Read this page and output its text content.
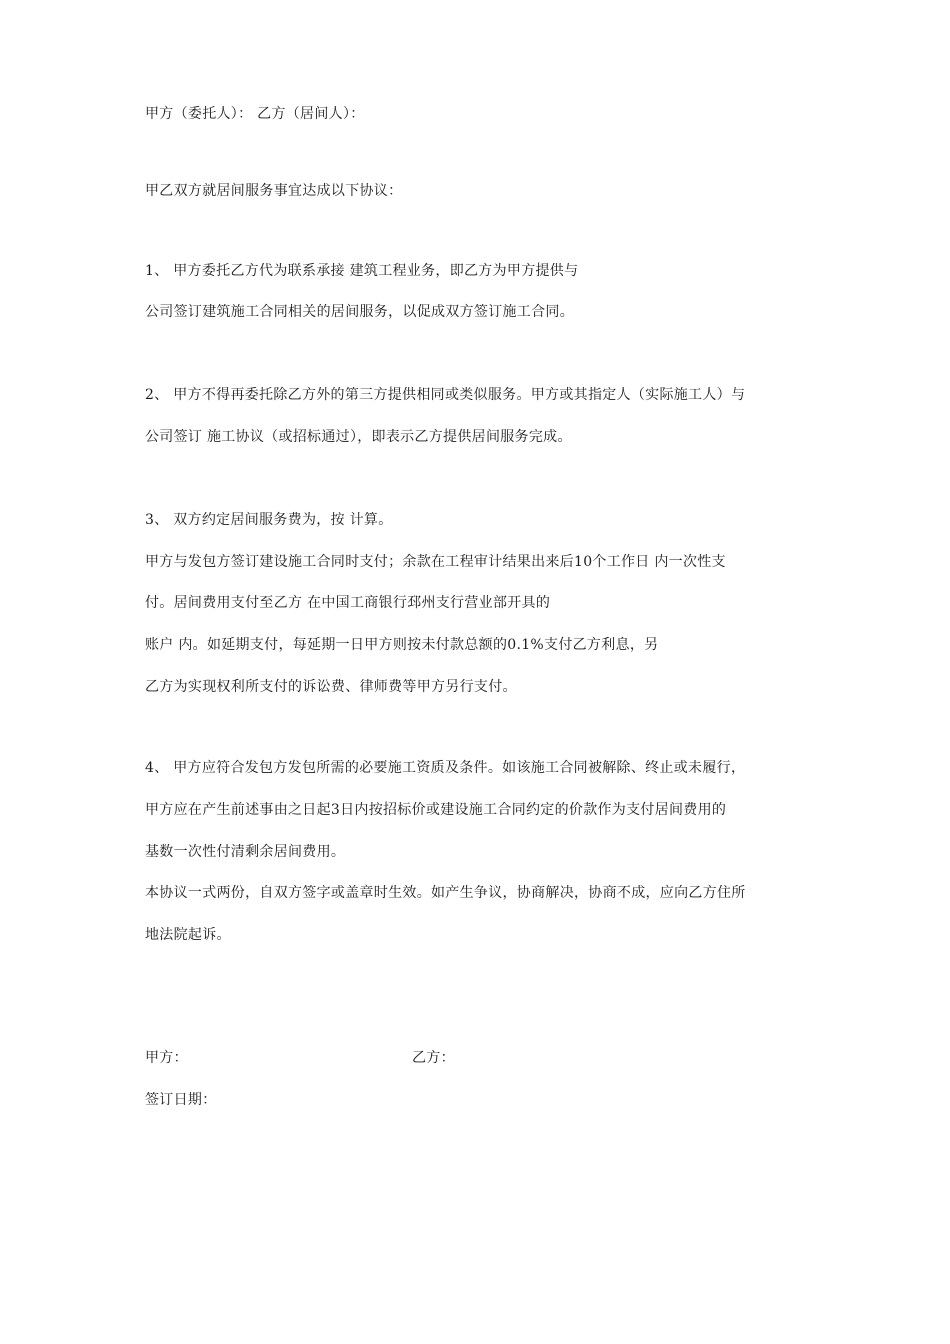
甲方（委托人）： 乙方（居间人）：
甲乙双方就居间服务事宜达成以下协议：
1、 甲方委托乙方代为联系承接 建筑工程业务，即乙方为甲方提供与
公司签订建筑施工合同相关的居间服务，以促成双方签订施工合同。
2、 甲方不得再委托除乙方外的第三方提供相同或类似服务。甲方或其指定人（实际施工人）与
公司签订 施工协议（或招标通过），即表示乙方提供居间服务完成。
3、 双方约定居间服务费为，按 计算。
甲方与发包方签订建设施工合同时支付；余款在工程审计结果出来后10个工作日 内一次性支
付。居间费用支付至乙方 在中国工商银行邳州支行营业部开具的
账户 内。如延期支付，每延期一日甲方则按未付款总额的0.1%支付乙方利息，另
乙方为实现权利所支付的诉讼费、律师费等甲方另行支付。
4、 甲方应符合发包方发包所需的必要施工资质及条件。如该施工合同被解除、终止或未履行，
甲方应在产生前述事由之日起3日内按招标价或建设施工合同约定的价款作为支付居间费用的
基数一次性付清剩余居间费用。
本协议一式两份，自双方签字或盖章时生效。如产生争议，协商解决，协商不成，应向乙方住所
地法院起诉。
甲方：	乙方：
签订日期：
